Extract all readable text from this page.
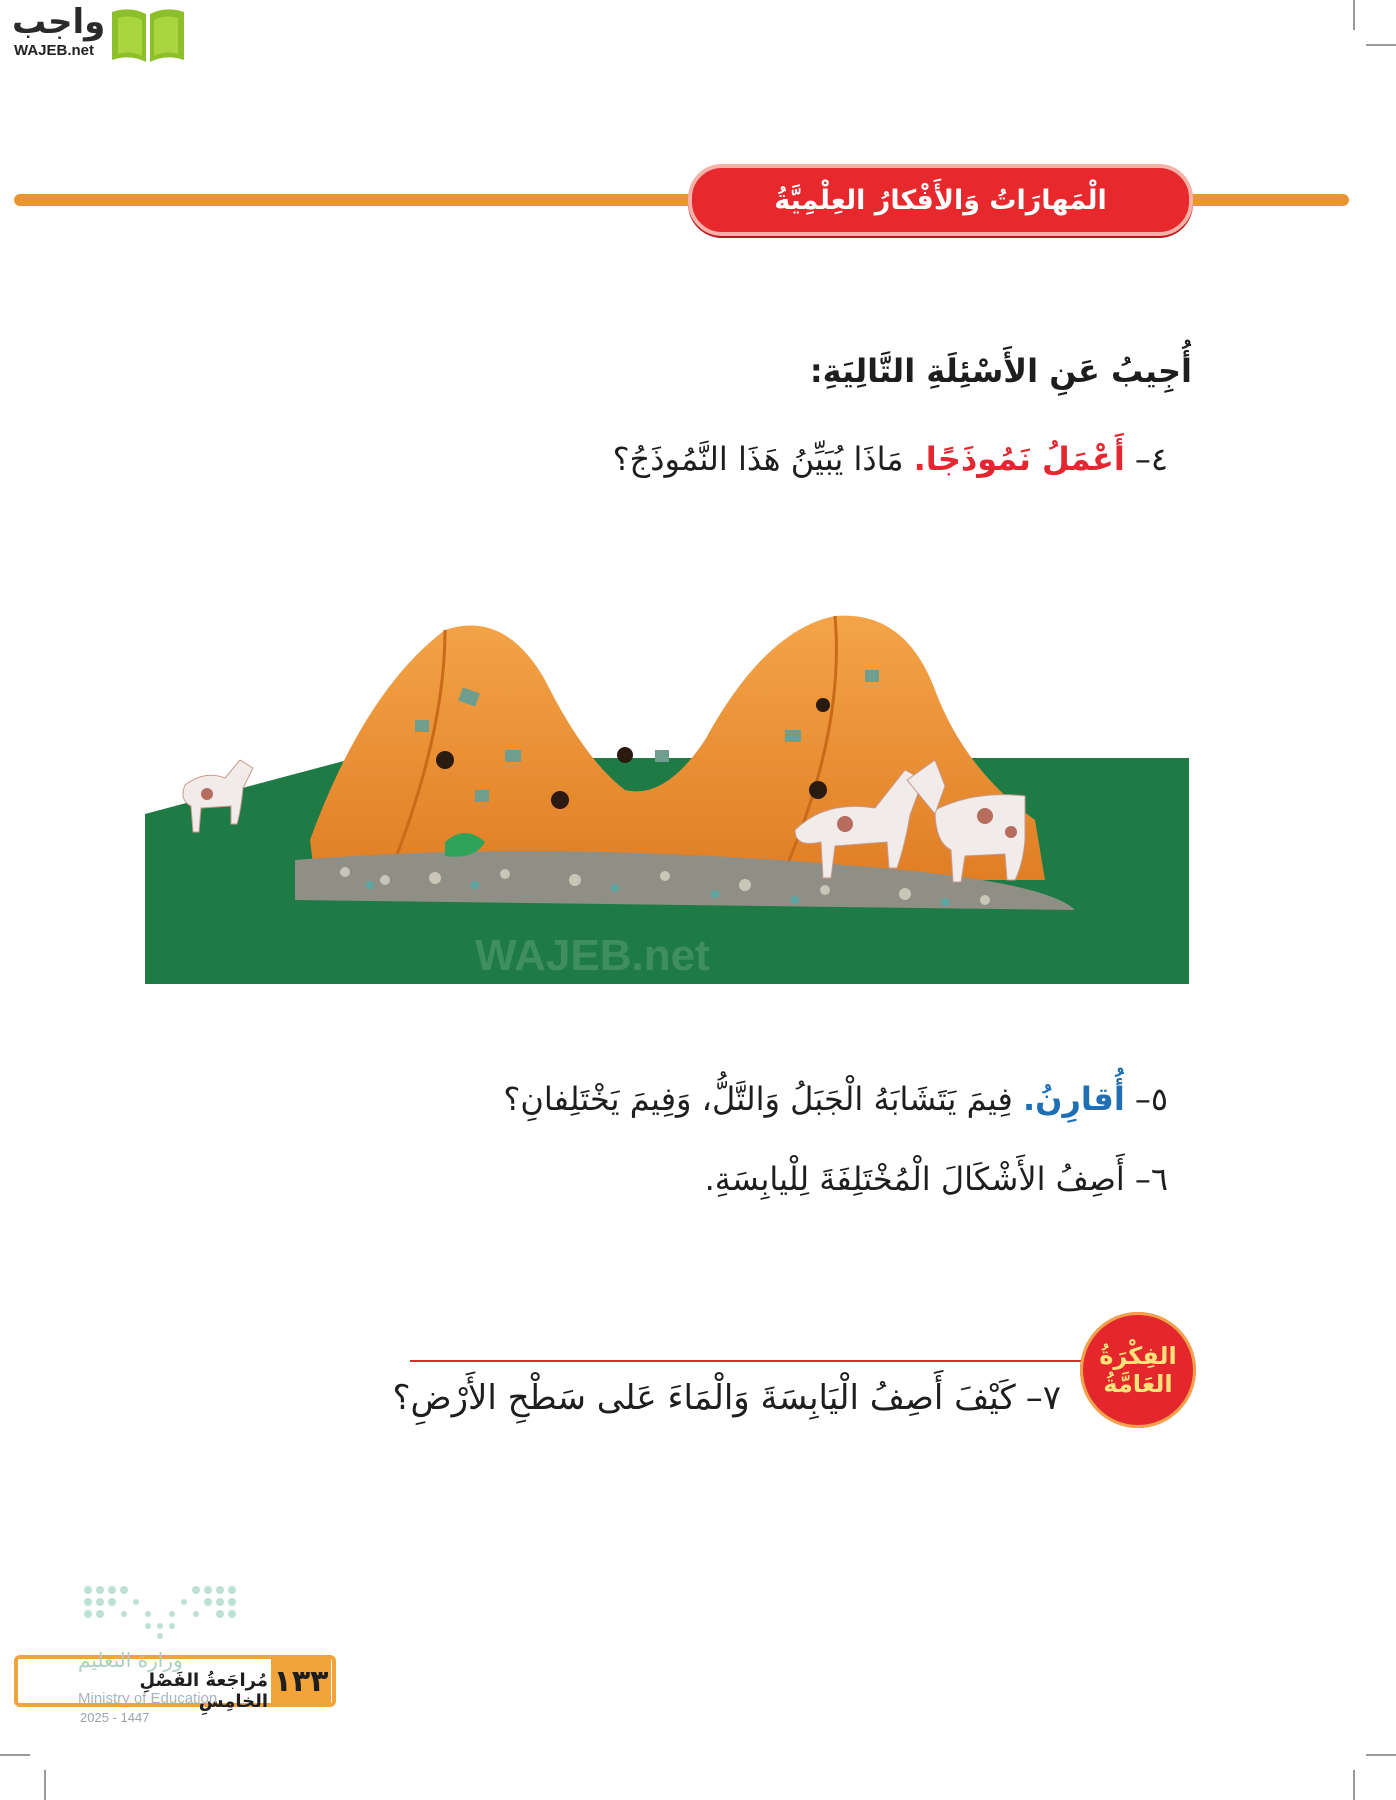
واجب
WAJEB.net
الْمَهارَاتُ وَالأَفْكارُ العِلْمِيَّةُ
أُجِيبُ عَنِ الأَسْئِلَةِ التَّالِيَةِ:
٤–أَعْمَلُ نَمُوذَجًا. مَاذَا يُبَيِّنُ هَذَا النَّمُوذَجُ؟
WAJEB.net
٥–أُقارِنُ. فِيمَ يَتَشَابَهُ الْجَبَلُ وَالتَّلُّ، وَفِيمَ يَخْتَلِفانِ؟
٦–أَصِفُ الأَشْكَالَ الْمُخْتَلِفَةَ لِلْيابِسَةِ.
الفِكْرَةُ
العَامَّةُ
٧–كَيْفَ أَصِفُ الْيَابِسَةَ وَالْمَاءَ عَلى سَطْحِ الأَرْضِ؟
١٣٣
مُراجَعةُ الفَصْلِ الخامِسِ
وزارة التعليم
Ministry of Education
2025 - 1447
